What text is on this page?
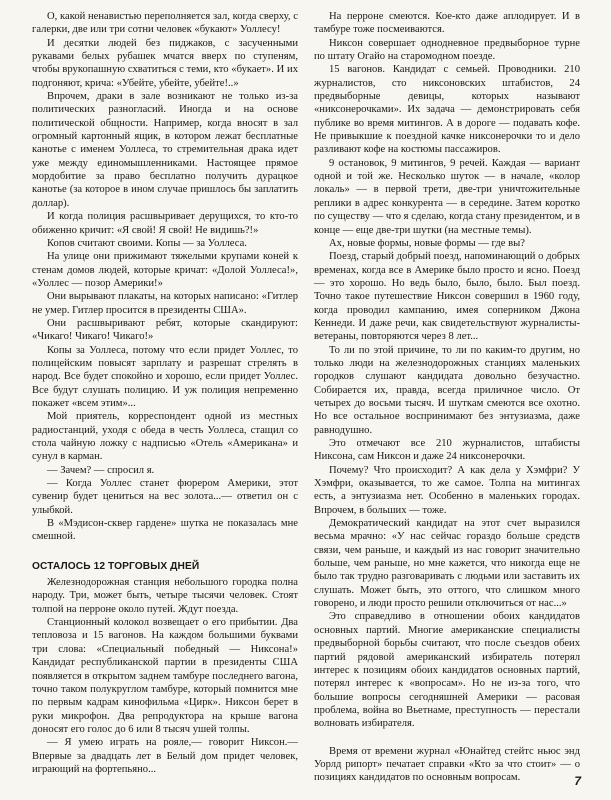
О, какой ненавистью переполняется зал, когда сверху, с галерки, две или три сотни человек «букают» Уоллесу!

И десятки людей без пиджаков, с засученными рукавами белых рубашек мчатся вверх по ступеням, чтобы врукопашную схватиться с теми, кто «букает». И их подгоняют, крича: «Убейте, убейте, убейте!..»

Впрочем, драки в зале возникают не только из-за политических разногласий. Иногда и на основе политической общности. Например, когда вносят в зал огромный картонный ящик, в котором лежат бесплатные канотье с именем Уоллеса, то стремительная драка идет уже между единомышленниками. Настоящее прямое мордобитие за право бесплатно получить дурацкое канотье (за которое в ином случае пришлось бы заплатить доллар).

И когда полиция расшвыривает дерущихся, то кто-то обиженно кричит: «Я свой! Я свой! Не видишь?!»

Копов считают своими. Копы — за Уоллеса.

На улице они прижимают тяжелыми крупами коней к стенам домов людей, которые кричат: «Долой Уоллеса!», «Уоллес — позор Америки!»

Они вырывают плакаты, на которых написано: «Гитлер не умер. Гитлер просится в президенты США».

Они расшвыривают ребят, которые скандируют: «Чикаго! Чикаго! Чикаго!»

Копы за Уоллеса, потому что если придет Уоллес, то полицейским повысят зарплату и разрешат стрелять в народ. Все будет спокойно и хорошо, если придет Уоллес. Все будут слушать полицию. И уж полиция непременно покажет «всем этим»...

Мой приятель, корреспондент одной из местных радиостанций, уходя с обеда в честь Уоллеса, стащил со стола чайную ложку с надписью «Отель «Американа» и сунул в карман.

— Зачем? — спросил я.

— Когда Уоллес станет фюрером Америки, этот сувенир будет цениться на вес золота...— ответил он с улыбкой.

В «Мэдисон-сквер гардене» шутка не показалась мне смешной.

ОСТАЛОСЬ 12 ТОРГОВЫХ ДНЕЙ

Железнодорожная станция небольшого городка полна народу. Три, может быть, четыре тысячи человек. Стоят толпой на перроне около путей. Ждут поезда.

Станционный колокол возвещает о его прибытии. Два тепловоза и 15 вагонов. На каждом большими буквами три слова: «Специальный победный — Никсона!» Кандидат республиканской партии в президенты США появляется в открытом заднем тамбуре последнего вагона, точно таком полукруглом тамбуре, который помнится мне по первым кадрам кинофильма «Цирк». Никсон берет в руки микрофон. Два репродуктора на крыше вагона доносят его голос до 6 или 8 тысяч ушей толпы.

— Я умею играть на рояле,— говорит Никсон.— Впервые за двадцать лет в Белый дом придет человек, играющий на фортепьяно...

На перроне смеются. Кое-кто даже аплодирует. И в тамбуре тоже посмеиваются.

Никсон совершает однодневное предвыборное турне по штату Огайо на старомодном поезде.

15 вагонов. Кандидат с семьей. Проводники. 210 журналистов, сто никсоновских штабистов, 24 предвыборные девицы, которых называют «никсонерочками». Их задача — демонстрировать себя публике во время митингов. А в дороге — подавать кофе. Не привыкшие к поездной качке никсонерочки то и дело разливают кофе на костюмы пассажиров.

9 остановок, 9 митингов, 9 речей. Каждая — вариант одной и той же. Несколько шуток — в начале, «колор локаль» — в первой трети, две-три уничтожительные реплики в адрес конкурента — в середине. Затем коротко по существу — что я сделаю, когда стану президентом, и в конце — еще две-три шутки (на местные темы).

Ах, новые формы, новые формы — где вы?

Поезд, старый добрый поезд, напоминающий о добрых временах, когда все в Америке было просто и ясно. Поезд — это хорошо. Но ведь было, было, было. Был поезд. Точно такое путешествие Никсон совершил в 1960 году, когда проводил кампанию, имея соперником Джона Кеннеди. И даже речи, как свидетельствуют журналисты-ветераны, повторяются через 8 лет...

То ли по этой причине, то ли по каким-то другим, но только люди на железнодорожных станциях маленьких городков слушают кандидата довольно безучастно. Собирается их, правда, всегда приличное число. От четырех до восьми тысяч. И шуткам смеются все охотно. Но все остальное воспринимают без энтузиазма, даже равнодушно.

Это отмечают все 210 журналистов, штабисты Никсона, сам Никсон и даже 24 никсонерочки.

Почему? Что происходит? А как дела у Хэмфри? У Хэмфри, оказывается, то же самое. Толпа на митингах есть, а энтузиазма нет. Особенно в маленьких городах. Впрочем, в больших — тоже.

Демократический кандидат на этот счет выразился весьма мрачно: «У нас сейчас гораздо больше средств связи, чем раньше, и каждый из нас говорит значительно больше, чем раньше, но мне кажется, что никогда еще не было так трудно разговаривать с людьми или заставить их слушать. Может быть, это оттого, что слишком много говорено, и люди просто решили отключиться от нас...»

Это справедливо в отношении обоих кандидатов основных партий. Многие американские специалисты предвыборной борьбы считают, что после съездов обеих партий рядовой американский избиратель потерял интерес к позициям обоих кандидатов основных партий, потерял интерес к «вопросам». Но не из-за того, что большие вопросы сегодняшней Америки — расовая проблема, война во Вьетнаме, преступность — перестали волновать избирателя.

Время от времени журнал «Юнайтед стейтс ньюс энд Уорлд рипорт» печатает справки «Кто за что стоит» — о позициях кандидатов по основным вопросам.	7
